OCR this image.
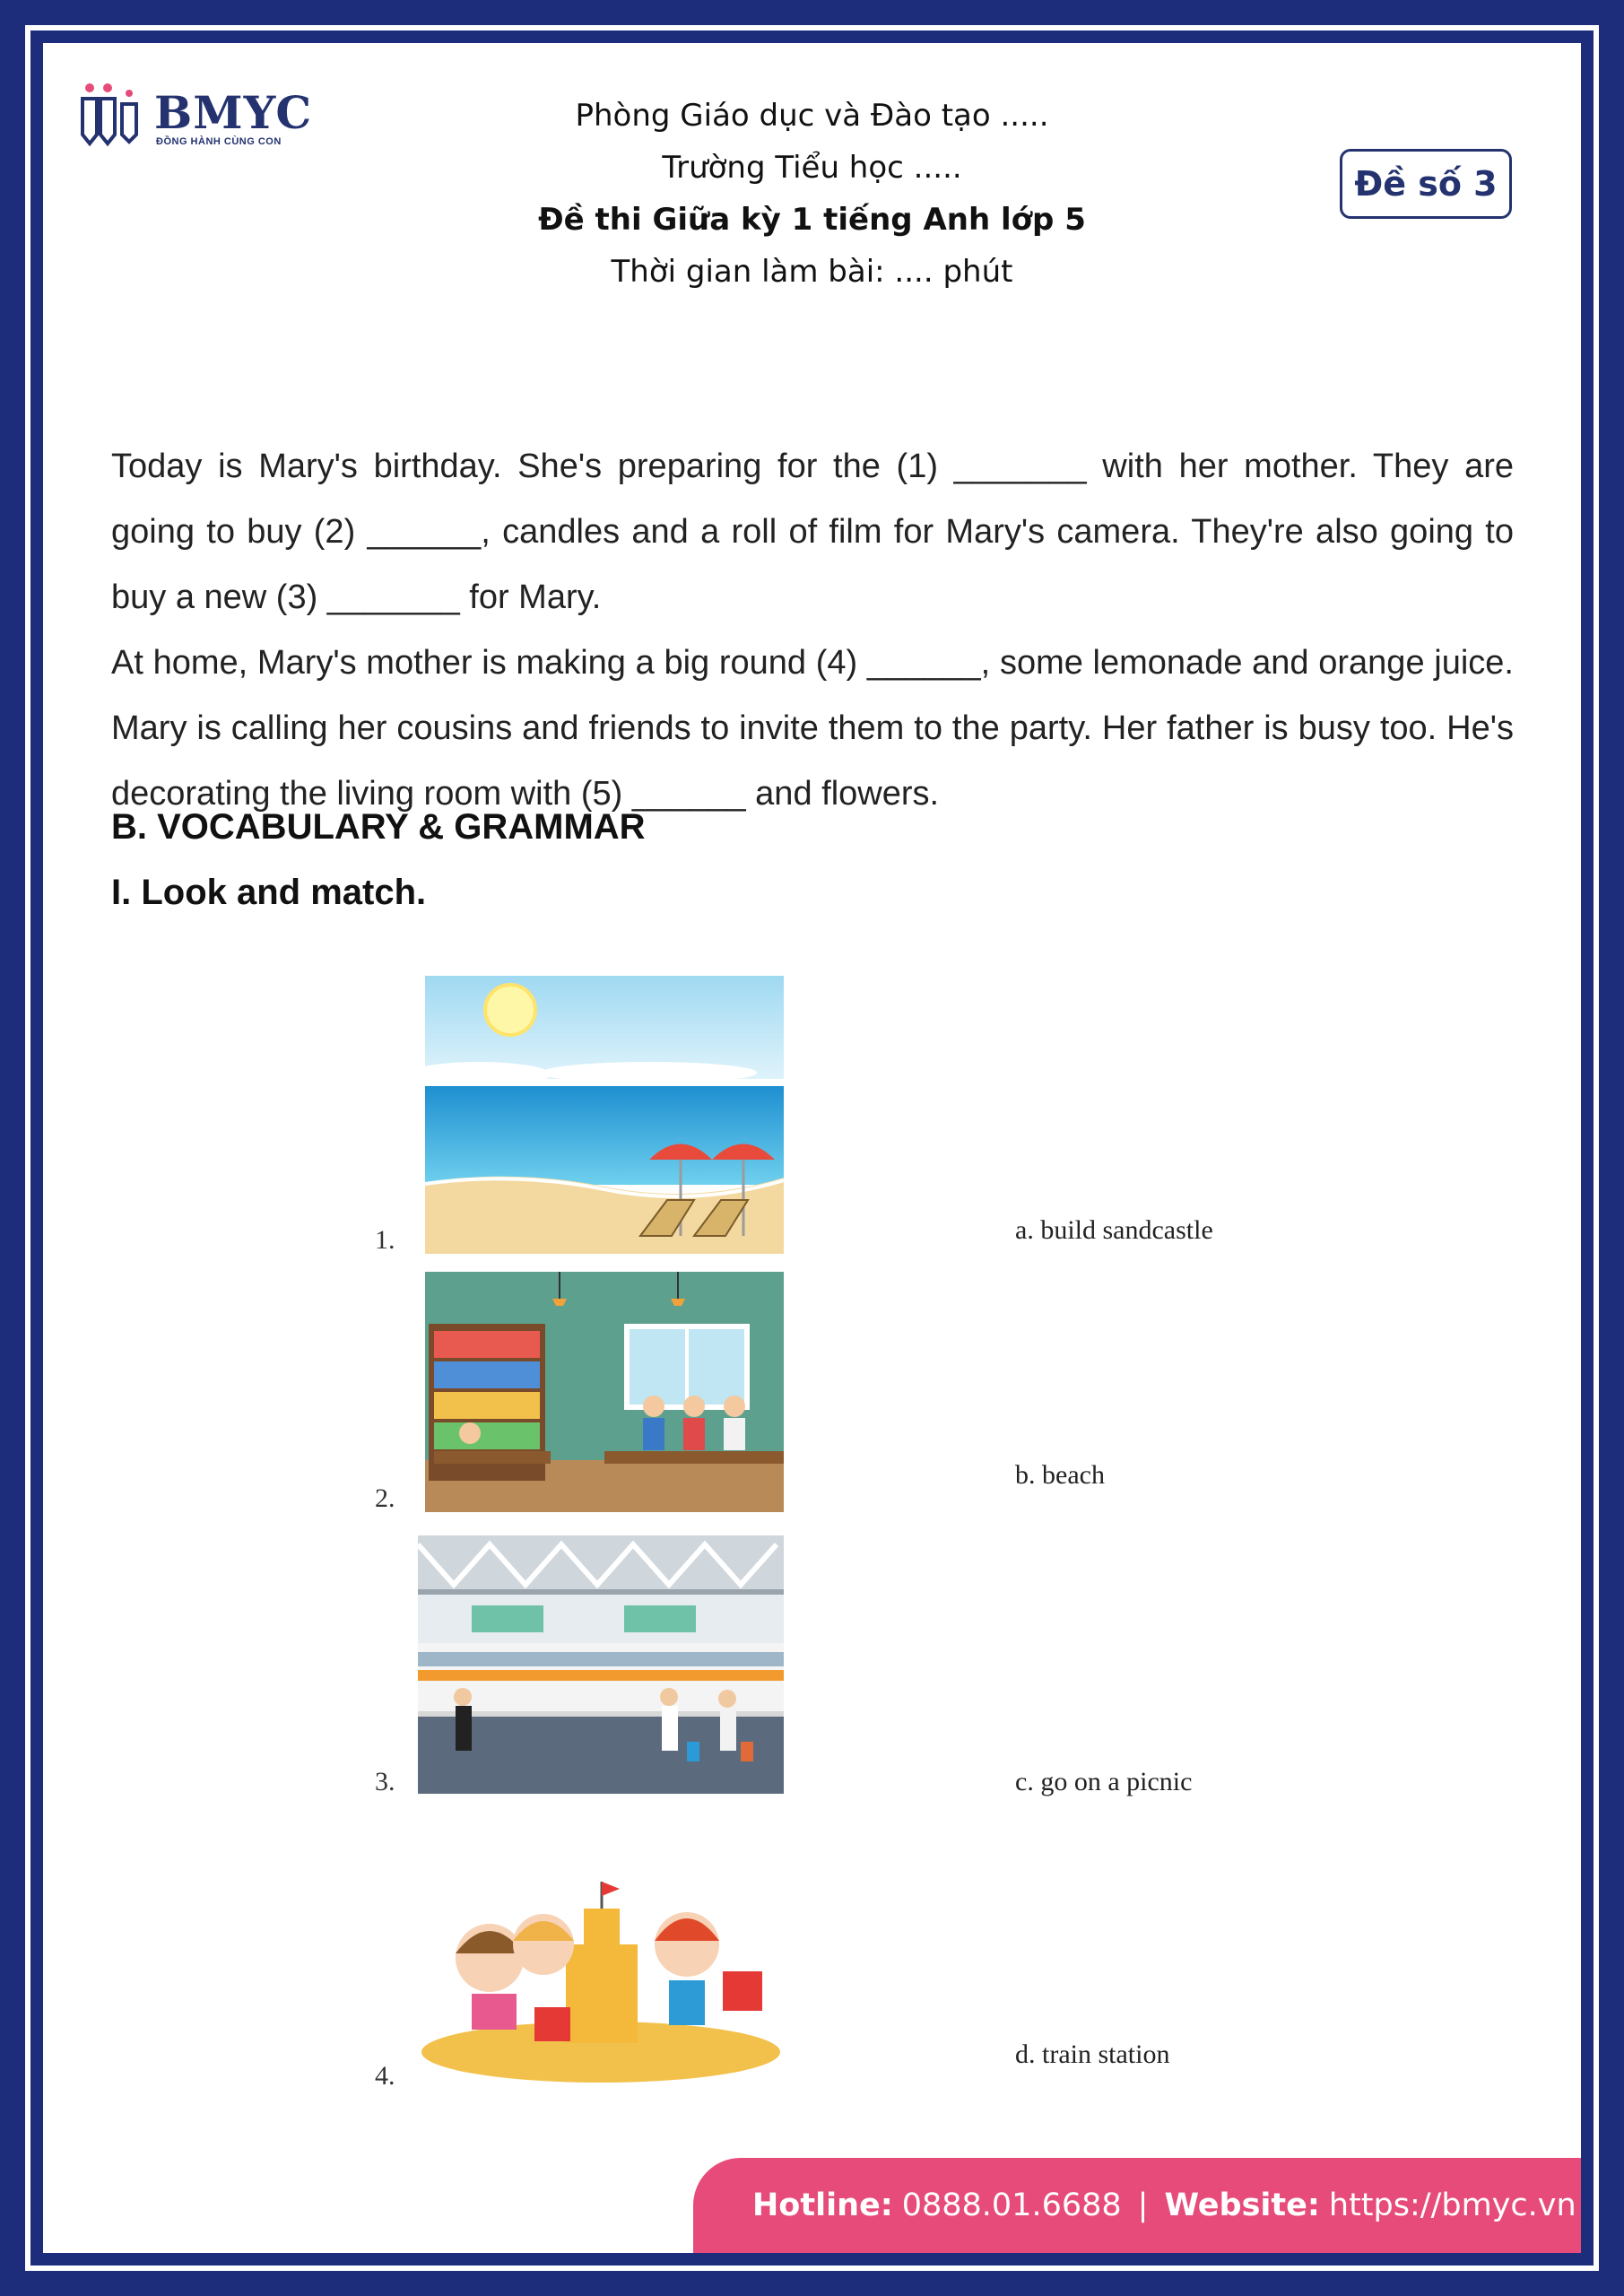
BMYC
ĐỒNG HÀNH CÙNG CON
Phòng Giáo dục và Đào tạo .....
Trường Tiểu học .....
Đề thi Giữa kỳ 1 tiếng Anh lớp 5
Thời gian làm bài: .... phút
Đề số 3

Today is Mary's birthday. She's preparing for the (1) _______ with her mother. They are going to buy (2) ______, candles and a roll of film for Mary's camera. They're also going to buy a new (3) _______ for Mary.

At home, Mary's mother is making a big round (4) ______, some lemonade and orange juice. Mary is calling her cousins and friends to invite them to the party. Her father is busy too. He's decorating the living room with (5) ______ and flowers.

B. VOCABULARY & GRAMMAR
I. Look and match.
1.	a. build sandcastle
2.
b. beach
3.	c. go on a picnic
4.
d. train station
Hotline: 0888.01.6688 | Website: https://bmyc.vn
